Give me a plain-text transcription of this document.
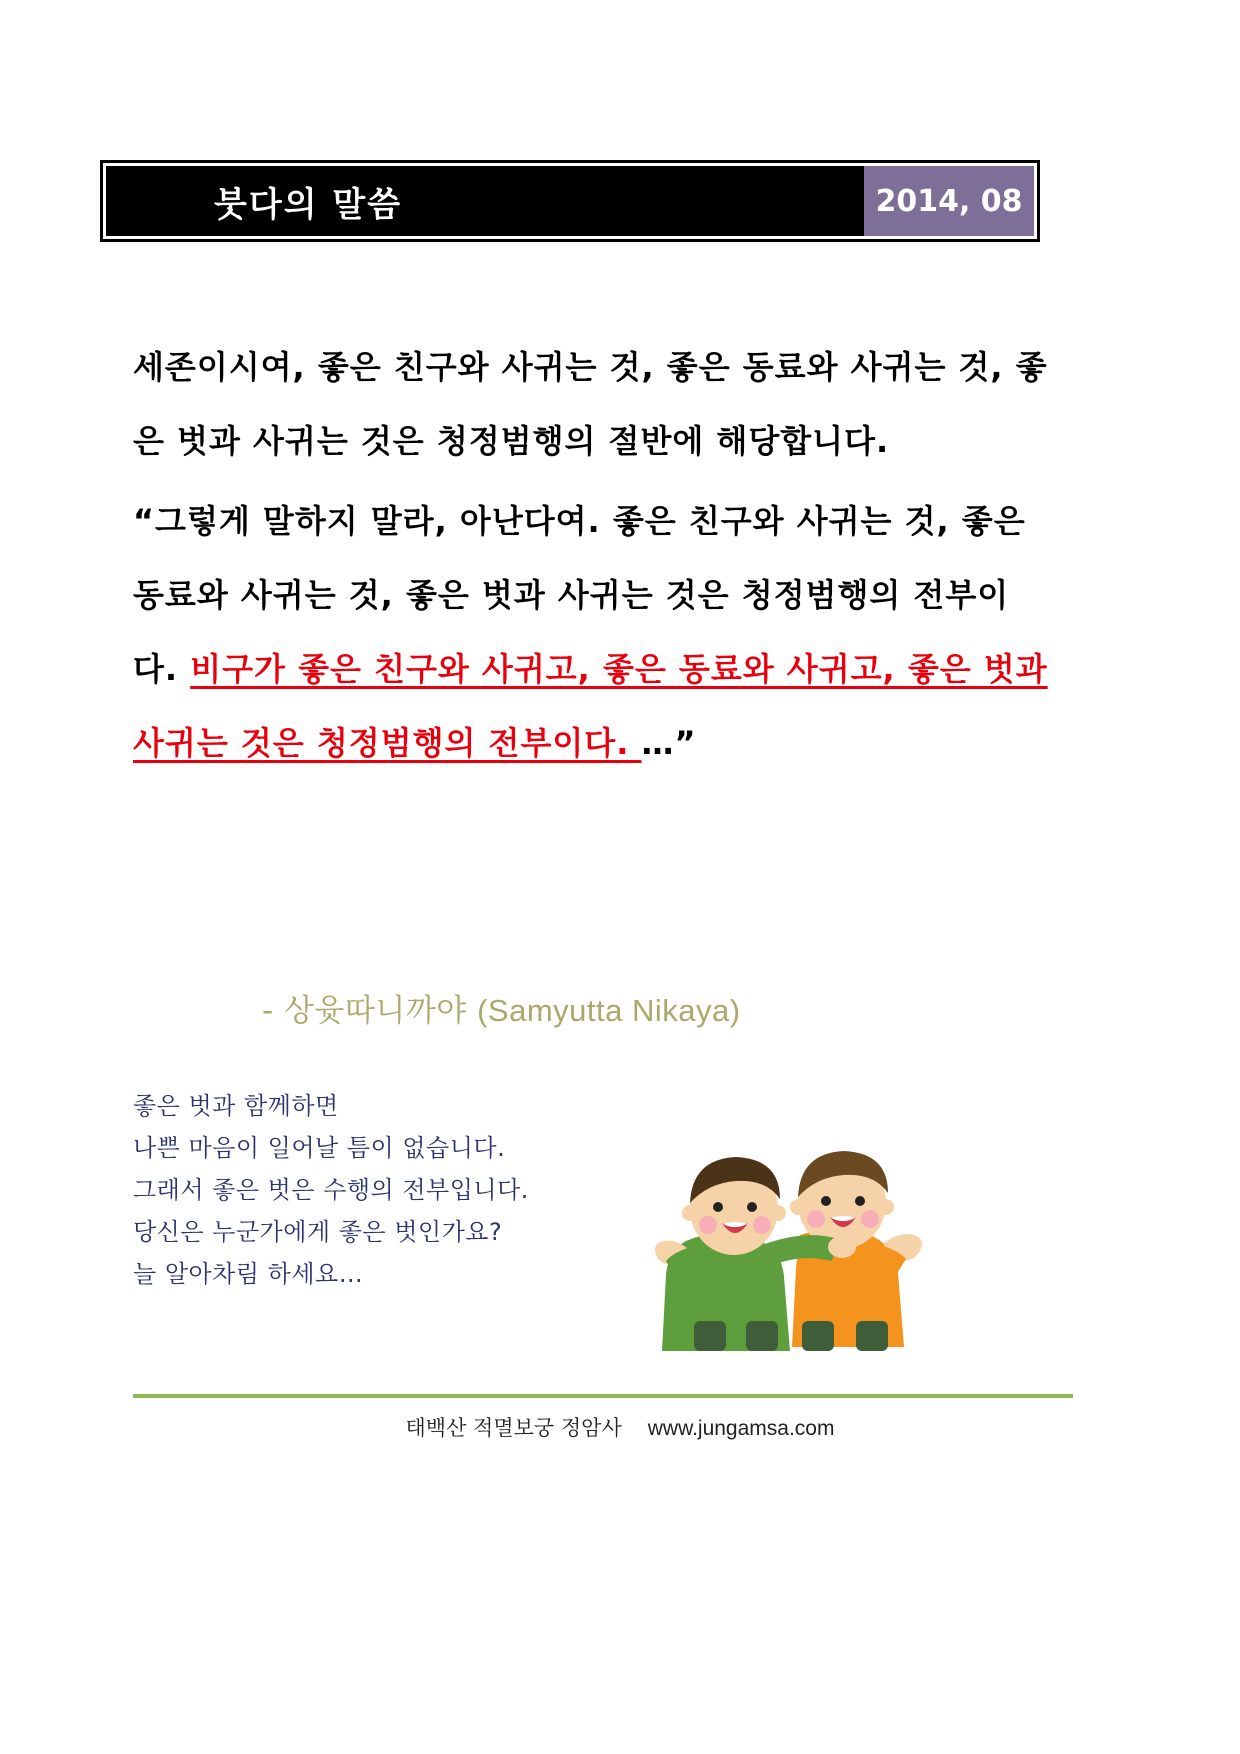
붓다의 말씀	2014, 08

세존이시여, 좋은 친구와 사귀는 것, 좋은 동료와 사귀는 것, 좋은 벗과 사귀는 것은 청정범행의 절반에 해당합니다.

“그렇게 말하지 말라, 아난다여. 좋은 친구와 사귀는 것, 좋은 동료와 사귀는 것, 좋은 벗과 사귀는 것은 청정범행의 전부이다. 비구가 좋은 친구와 사귀고, 좋은 동료와 사귀고, 좋은 벗과 사귀는 것은 청정범행의 전부이다. …”

- 상윳따니까야 (Samyutta Nikaya)
좋은 벗과 함께하면
나쁜 마음이 일어날 틈이 없습니다.
그래서 좋은 벗은 수행의 전부입니다.
당신은 누군가에게 좋은 벗인가요?
늘 알아차림 하세요…
태백산 적멸보궁 정암사 www.jungamsa.com
